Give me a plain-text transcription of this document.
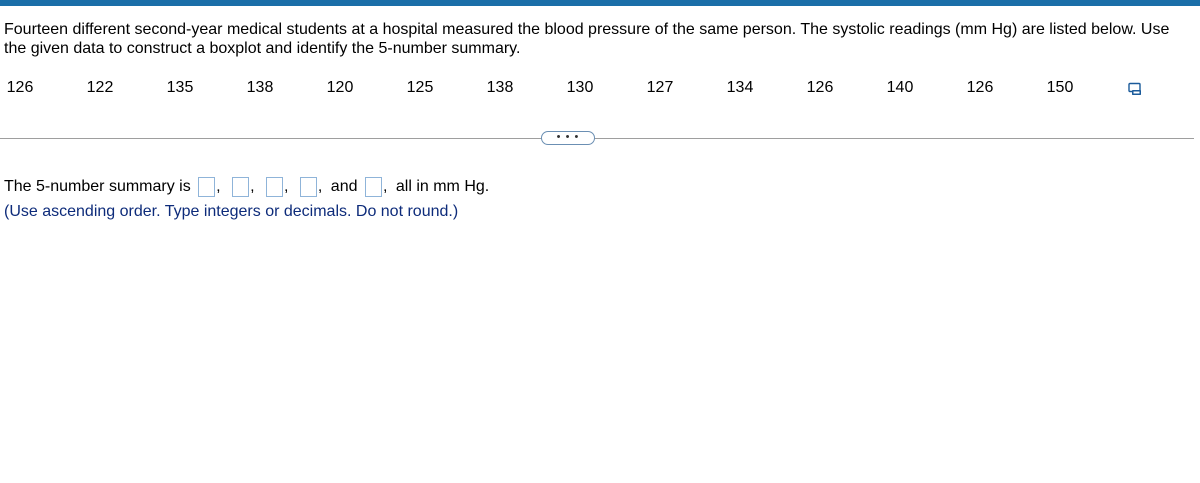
Fourteen different second-year medical students at a hospital measured the blood pressure of the same person. The systolic readings (mm Hg) are listed below. Use the given data to construct a boxplot and identify the 5-number summary.
126	122	135	138	120	125	138	130	127	134	126	140	126	150
• • •
The 5-number summary is , , , , and , all in mm Hg.
(Use ascending order. Type integers or decimals. Do not round.)
